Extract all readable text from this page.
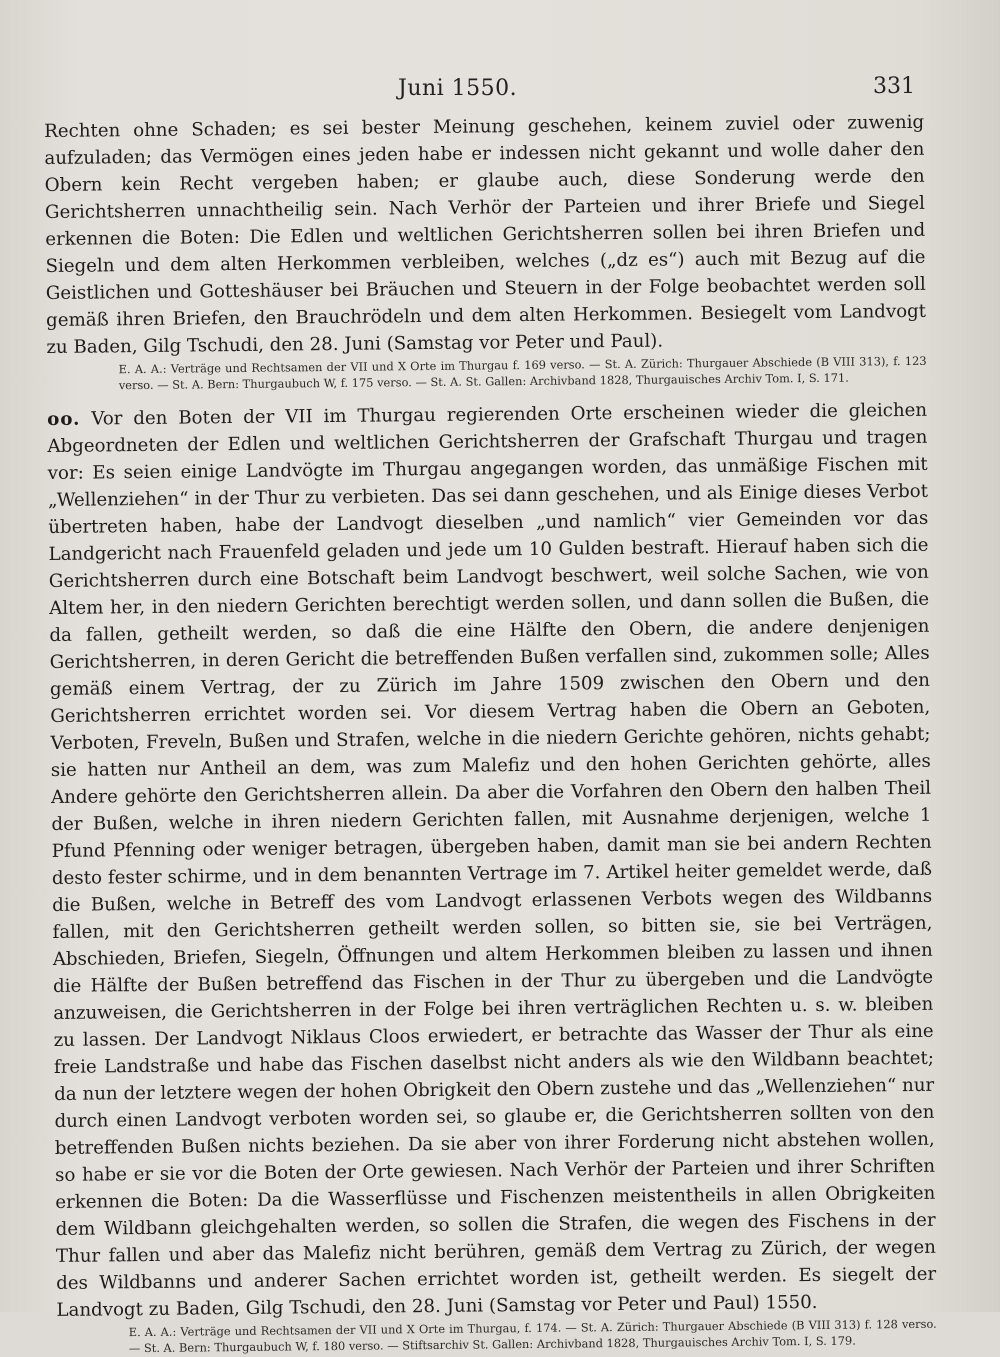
Juni 1550.	331

Rechten ohne Schaden; es sei bester Meinung geschehen, keinem zuviel oder zuwenig aufzuladen; das Vermögen eines jeden habe er indessen nicht gekannt und wolle daher den Obern kein Recht vergeben haben; er glaube auch, diese Sonderung werde den Gerichtsherren unnachtheilig sein. Nach Verhör der Parteien und ihrer Briefe und Siegel erkennen die Boten: Die Edlen und weltlichen Gerichtsherren sollen bei ihren Briefen und Siegeln und dem alten Herkommen verbleiben, welches („dz es“) auch mit Bezug auf die Geistlichen und Gotteshäuser bei Bräuchen und Steuern in der Folge beobachtet werden soll gemäß ihren Briefen, den Brauchrödeln und dem alten Herkommen. Besiegelt vom Landvogt zu Baden, Gilg Tschudi, den 28. Juni (Samstag vor Peter und Paul).

E. A. A.: Verträge und Rechtsamen der VII und X Orte im Thurgau f. 169 verso. — St. A. Zürich: Thurgauer Abschiede (B VIII 313), f. 123 verso. — St. A. Bern: Thurgaubuch W, f. 175 verso. — St. A. St. Gallen: Archivband 1828, Thurgauisches Archiv Tom. I, S. 171.

oo. Vor den Boten der VII im Thurgau regierenden Orte erscheinen wieder die gleichen Abgeordneten der Edlen und weltlichen Gerichtsherren der Grafschaft Thurgau und tragen vor: Es seien einige Landvögte im Thurgau angegangen worden, das unmäßige Fischen mit „Wellenziehen“ in der Thur zu verbieten. Das sei dann geschehen, und als Einige dieses Verbot übertreten haben, habe der Landvogt dieselben „und namlich“ vier Gemeinden vor das Landgericht nach Frauenfeld geladen und jede um 10 Gulden bestraft. Hierauf haben sich die Gerichtsherren durch eine Botschaft beim Landvogt beschwert, weil solche Sachen, wie von Altem her, in den niedern Gerichten berechtigt werden sollen, und dann sollen die Bußen, die da fallen, getheilt werden, so daß die eine Hälfte den Obern, die andere denjenigen Gerichtsherren, in deren Gericht die betreffenden Bußen verfallen sind, zukommen solle; Alles gemäß einem Vertrag, der zu Zürich im Jahre 1509 zwischen den Obern und den Gerichtsherren errichtet worden sei. Vor diesem Vertrag haben die Obern an Geboten, Verboten, Freveln, Bußen und Strafen, welche in die niedern Gerichte gehören, nichts gehabt; sie hatten nur Antheil an dem, was zum Malefiz und den hohen Gerichten gehörte, alles Andere gehörte den Gerichtsherren allein. Da aber die Vorfahren den Obern den halben Theil der Bußen, welche in ihren niedern Gerichten fallen, mit Ausnahme derjenigen, welche 1 Pfund Pfenning oder weniger betragen, übergeben haben, damit man sie bei andern Rechten desto fester schirme, und in dem benannten Vertrage im 7. Artikel heiter gemeldet werde, daß die Bußen, welche in Betreff des vom Landvogt erlassenen Verbots wegen des Wildbanns fallen, mit den Gerichtsherren getheilt werden sollen, so bitten sie, sie bei Verträgen, Abschieden, Briefen, Siegeln, Öffnungen und altem Herkommen bleiben zu lassen und ihnen die Hälfte der Bußen betreffend das Fischen in der Thur zu übergeben und die Landvögte anzuweisen, die Gerichtsherren in der Folge bei ihren verträglichen Rechten u. s. w. bleiben zu lassen. Der Landvogt Niklaus Cloos erwiedert, er betrachte das Wasser der Thur als eine freie Landstraße und habe das Fischen daselbst nicht anders als wie den Wildbann beachtet; da nun der letztere wegen der hohen Obrigkeit den Obern zustehe und das „Wellenziehen“ nur durch einen Landvogt verboten worden sei, so glaube er, die Gerichtsherren sollten von den betreffenden Bußen nichts beziehen. Da sie aber von ihrer Forderung nicht abstehen wollen, so habe er sie vor die Boten der Orte gewiesen. Nach Verhör der Parteien und ihrer Schriften erkennen die Boten: Da die Wasserflüsse und Fischenzen meistentheils in allen Obrigkeiten dem Wildbann gleichgehalten werden, so sollen die Strafen, die wegen des Fischens in der Thur fallen und aber das Malefiz nicht berühren, gemäß dem Vertrag zu Zürich, der wegen des Wildbanns und anderer Sachen errichtet worden ist, getheilt werden. Es siegelt der Landvogt zu Baden, Gilg Tschudi, den 28. Juni (Samstag vor Peter und Paul) 1550.

E. A. A.: Verträge und Rechtsamen der VII und X Orte im Thurgau, f. 174. — St. A. Zürich: Thurgauer Abschiede (B VIII 313) f. 128 verso. — St. A. Bern: Thurgaubuch W, f. 180 verso. — Stiftsarchiv St. Gallen: Archivband 1828, Thurgauisches Archiv Tom. I, S. 179.
